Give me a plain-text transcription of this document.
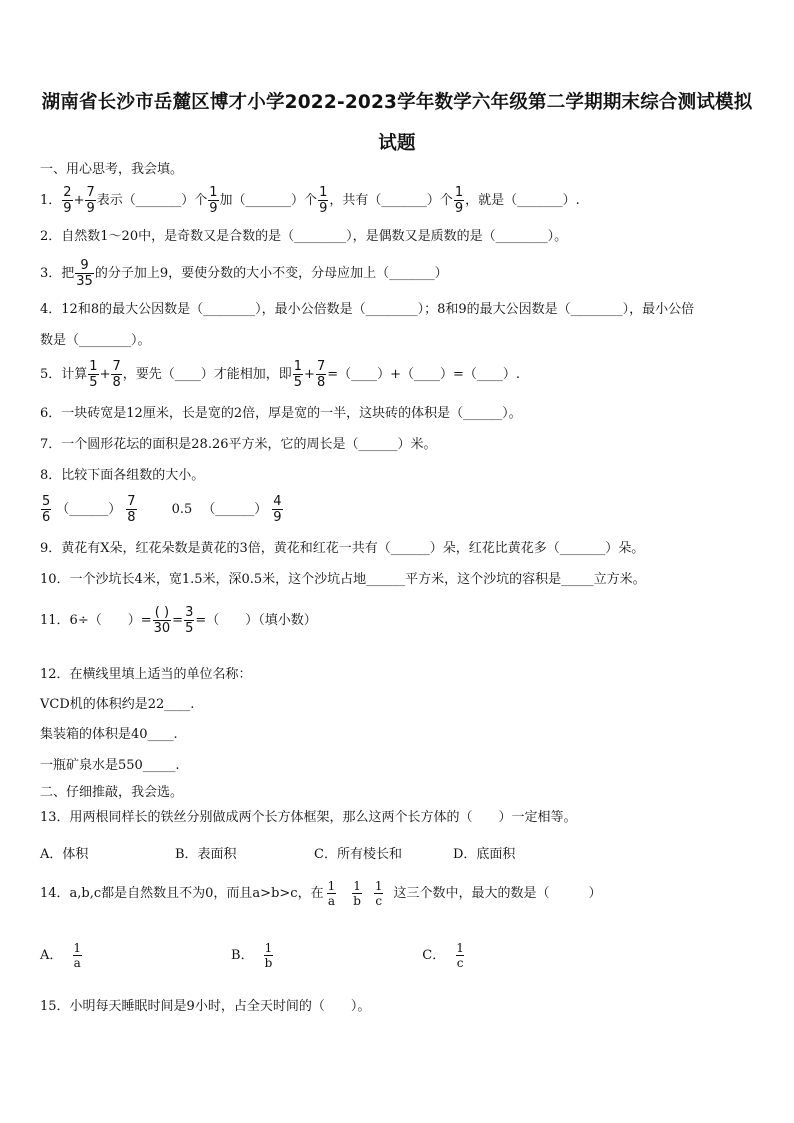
湖南省长沙市岳麓区博才小学2022-2023学年数学六年级第二学期期末综合测试模拟
试题
一、用心思考，我会填。
1． $\frac{2}{9} + \frac{7}{9}$ 表示（_______）个 $\frac{1}{9}$ 加（_______）个 $\frac{1}{9}$ ，共有（_______）个 $\frac{1}{9}$ ，就是（_______）.
2．自然数1～20中，是奇数又是合数的是（________），是偶数又是质数的是（________）。
3．把 $\frac{9}{35}$ 的分子加上9，要使分数的大小不变，分母应加上（_______）
4．12和8的最大公因数是（________），最小公倍数是（________）；8和9的最大公因数是（________），最小公倍
数是（________）。
5．计算 $\frac{1}{5} + \frac{7}{8}$ ，要先（____）才能相加，即 $\frac{1}{5} + \frac{7}{8}$ =（____）+（____）=（____）.
6．一块砖宽是12厘米，长是宽的2倍，厚是宽的一半，这块砖的体积是（______）。
7．一个圆形花坛的面积是28.26平方米，它的周长是（______）米。
8．比较下面各组数的大小。
$\frac{5}{6}$ （______） $\frac{7}{8}$	0.5 （______） $\frac{4}{9}$
9．黄花有X朵，红花朵数是黄花的3倍，黄花和红花一共有（______）朵，红花比黄花多（_______）朵。
10．一个沙坑长4米，宽1.5米，深0.5米，这个沙坑占地______平方米，这个沙坑的容积是_____立方米。
11．6÷（　　）= $\frac{( )}{30} = \frac{3}{5}$ =（　　）（填小数）
12．在横线里填上适当的单位名称：
VCD机的体积约是22____.
集装箱的体积是40____.
一瓶矿泉水是550_____.
二、仔细推敲，我会选。
13．用两根同样长的铁丝分别做成两个长方体框架，那么这两个长方体的（　　）一定相等。
A．体积	B．表面积	C．所有棱长和	D．底面积
14．a,b,c都是自然数且不为0，而且a>b>c，在 $\frac{1}{a} \frac{1}{b} \frac{1}{c}$ 这三个数中，最大的数是（　　　）
A． $\frac{1}{a}$	B． $\frac{1}{b}$	C． $\frac{1}{c}$
15．小明每天睡眠时间是9小时，占全天时间的（　　）。
